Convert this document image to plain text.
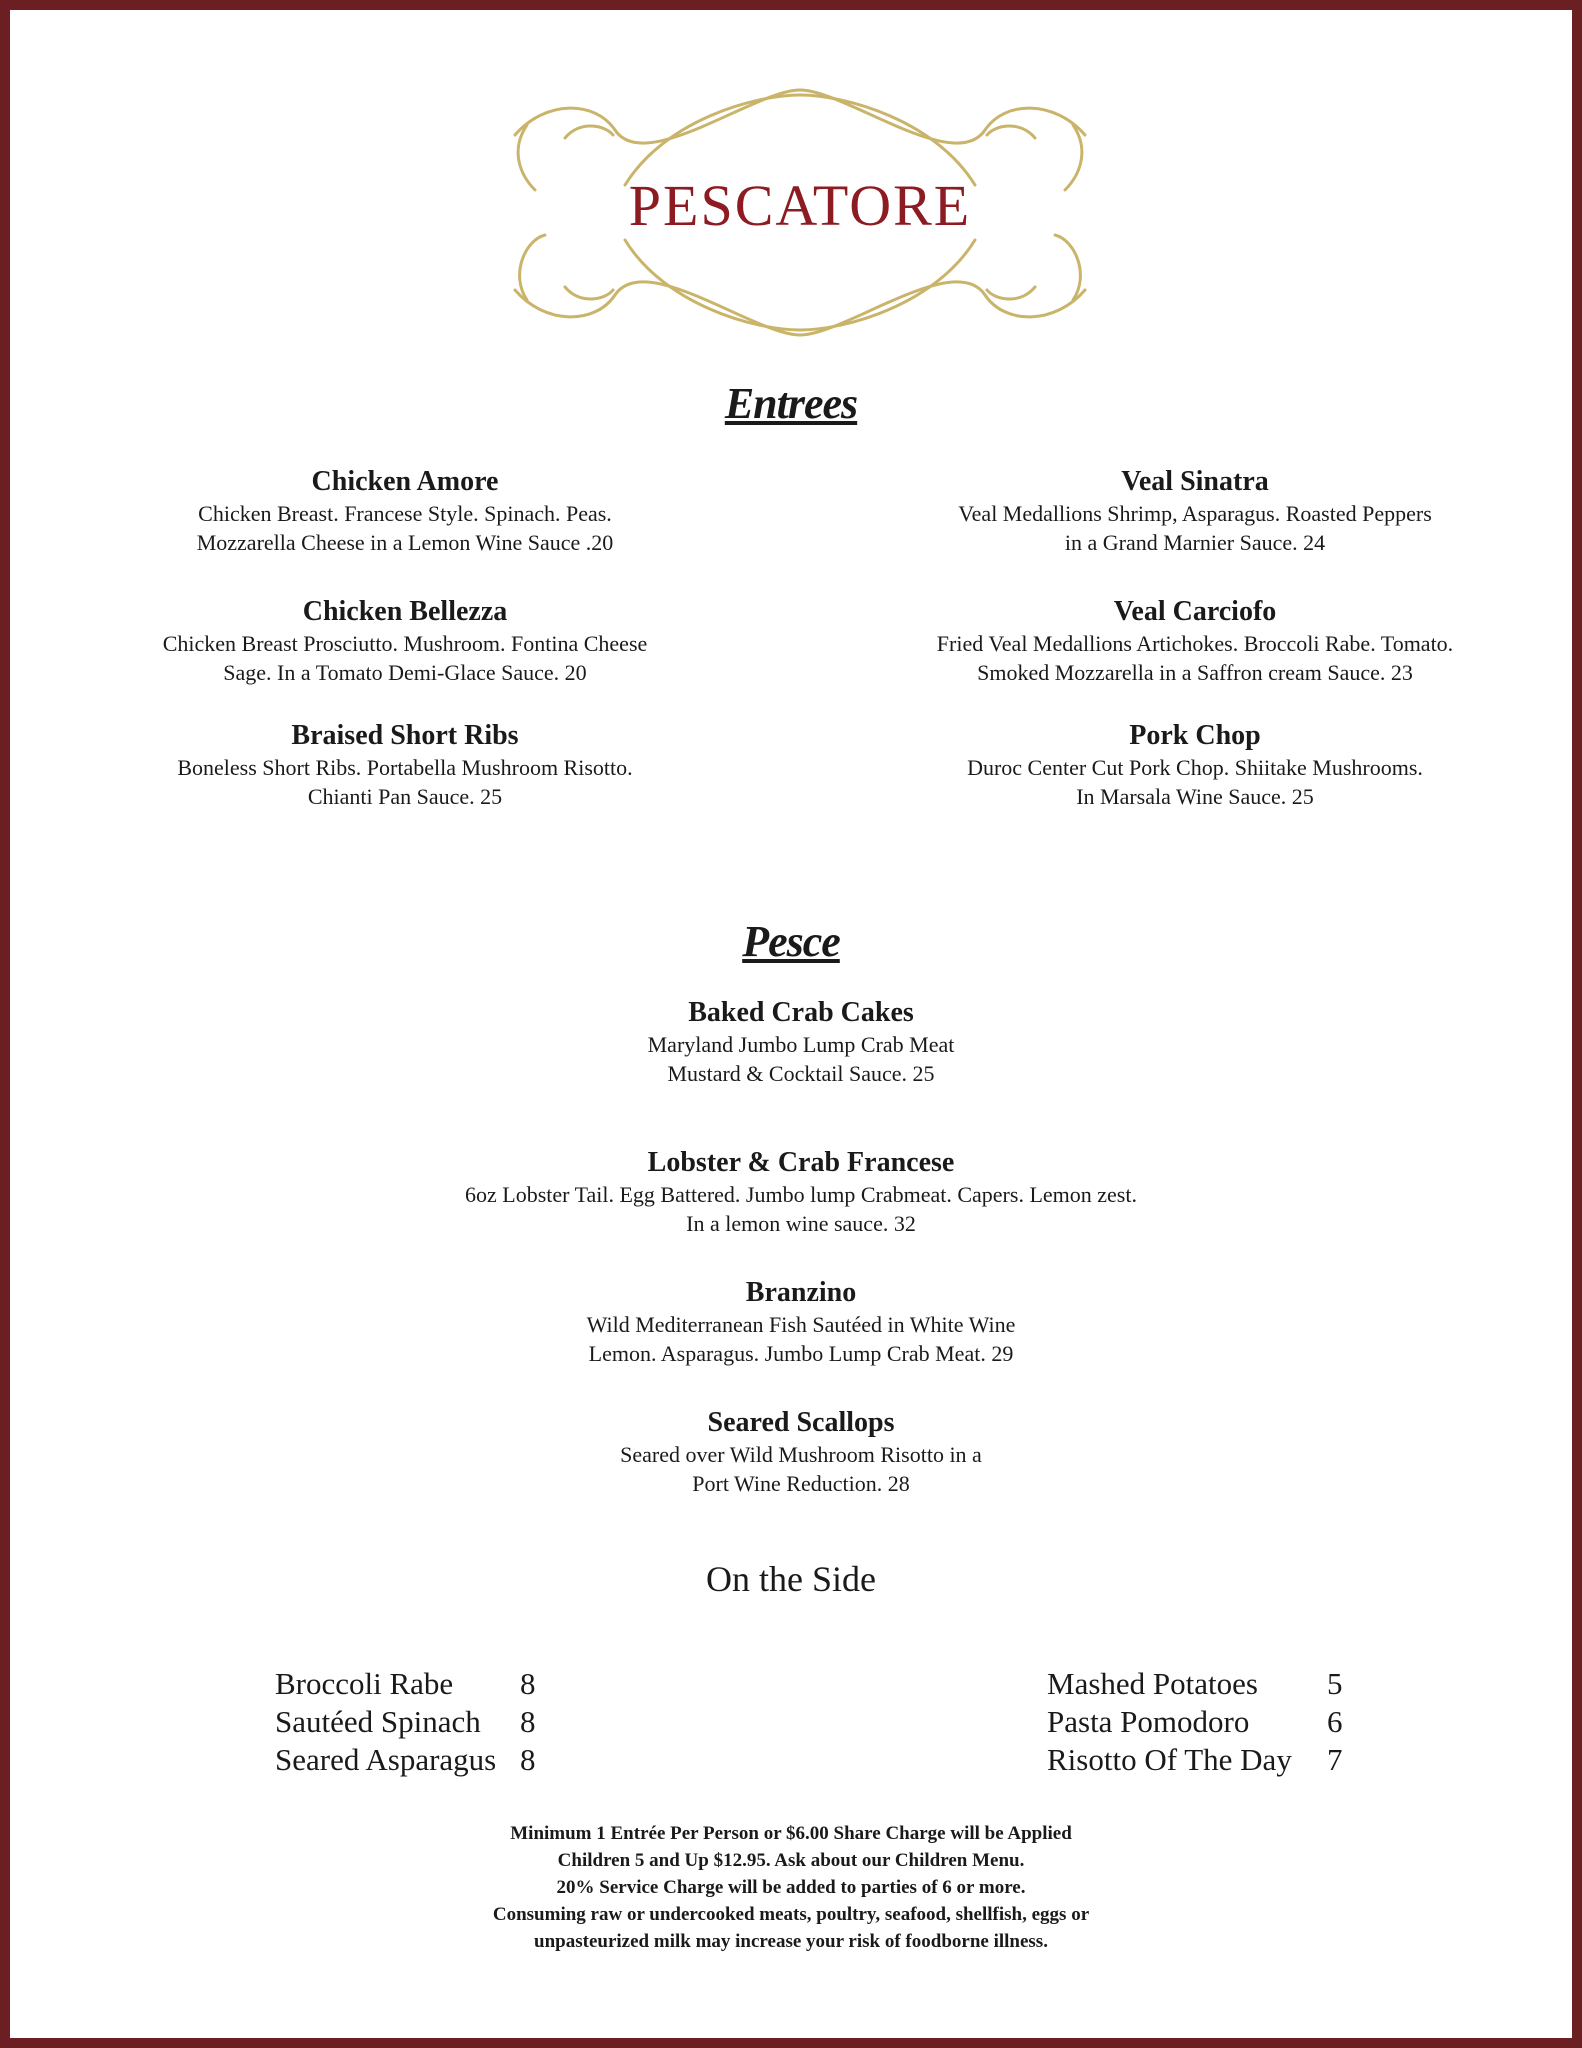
PESCATORE
Entrees
Chicken Amore
Chicken Breast. Francese Style. Spinach. Peas.
Mozzarella Cheese in a Lemon Wine Sauce .20
Chicken Bellezza
Chicken Breast Prosciutto. Mushroom. Fontina Cheese
Sage. In a Tomato Demi-Glace Sauce. 20
Braised Short Ribs
Boneless Short Ribs. Portabella Mushroom Risotto.
Chianti Pan Sauce. 25
Veal Sinatra
Veal Medallions Shrimp, Asparagus. Roasted Peppers
in a Grand Marnier Sauce. 24
Veal Carciofo
Fried Veal Medallions Artichokes. Broccoli Rabe. Tomato.
Smoked Mozzarella in a Saffron cream Sauce. 23
Pork Chop
Duroc Center Cut Pork Chop. Shiitake Mushrooms.
In Marsala Wine Sauce. 25
Pesce
Baked Crab Cakes
Maryland Jumbo Lump Crab Meat
Mustard & Cocktail Sauce. 25
Lobster & Crab Francese
6oz Lobster Tail. Egg Battered. Jumbo lump Crabmeat. Capers. Lemon zest.
In a lemon wine sauce. 32
Branzino
Wild Mediterranean Fish Sautéed in White Wine
Lemon. Asparagus. Jumbo Lump Crab Meat. 29
Seared Scallops
Seared over Wild Mushroom Risotto in a
Port Wine Reduction. 28
On the Side
Broccoli Rabe 8
Sautéed Spinach 8
Seared Asparagus 8
Mashed Potatoes 5
Pasta Pomodoro	6
Risotto Of The Day 7
Minimum 1 Entrée Per Person or $6.00 Share Charge will be Applied
Children 5 and Up $12.95. Ask about our Children Menu.
20% Service Charge will be added to parties of 6 or more.
Consuming raw or undercooked meats, poultry, seafood, shellfish, eggs or
unpasteurized milk may increase your risk of foodborne illness.
